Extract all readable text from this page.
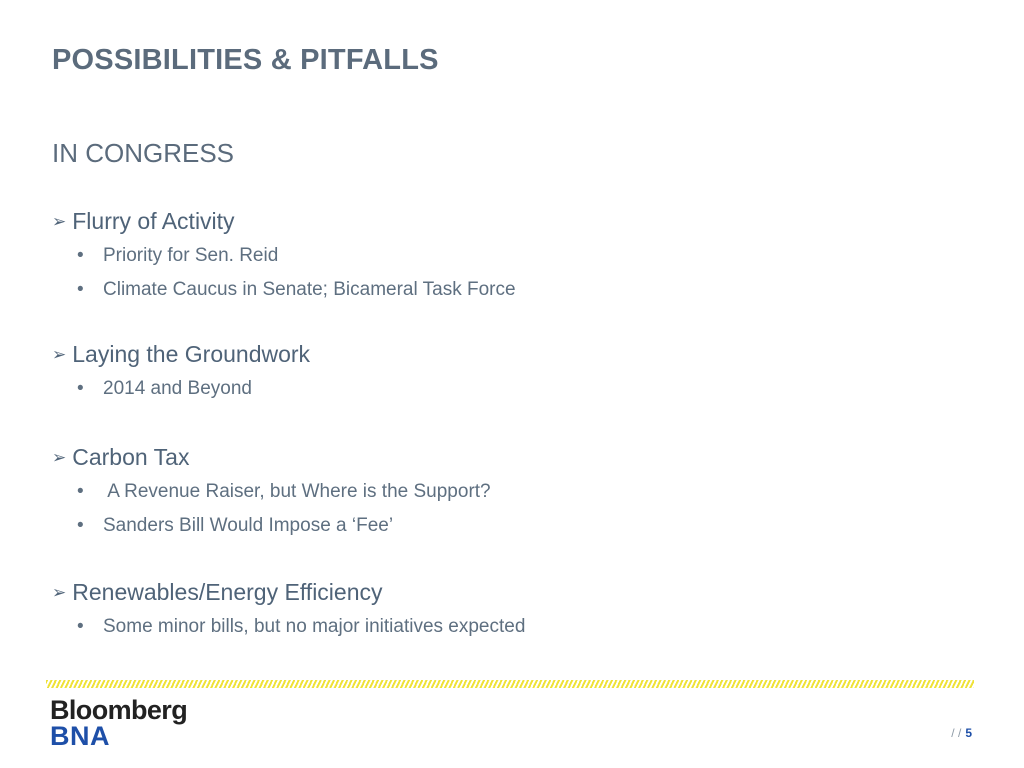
POSSIBILITIES & PITFALLS
IN CONGRESS
➢ Flurry of Activity
• Priority for Sen. Reid
• Climate Caucus in Senate; Bicameral Task Force
➢ Laying the Groundwork
• 2014 and Beyond
➢ Carbon Tax
• A Revenue Raiser, but Where is the Support?
• Sanders Bill Would Impose a ‘Fee’
➢ Renewables/Energy Efficiency
• Some minor bills, but no major initiatives expected
Bloomberg
BNA	/ / 5
